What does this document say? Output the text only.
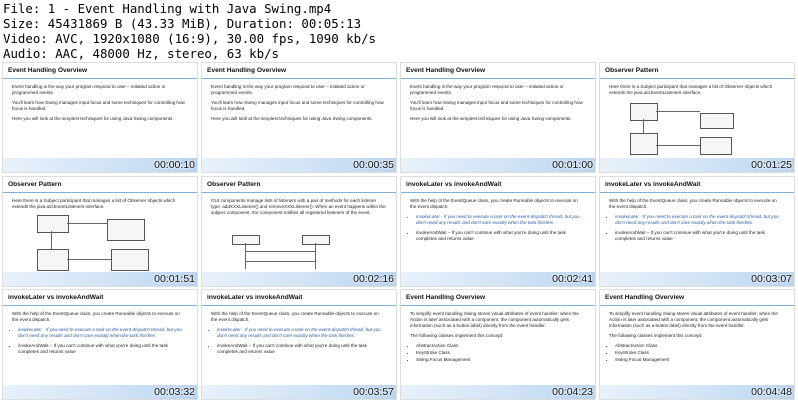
File: 1 - Event Handling with Java Swing.mp4
Size: 45431869 B (43.33 MiB), Duration: 00:05:13
Video: AVC, 1920x1080 (16:9), 30.00 fps, 1090 kb/s
Audio: AAC, 48000 Hz, stereo, 63 kb/s
Event Handling Overview

Event handling is the way your program respond to user – initiated action or programmed events.

You'll learn how Swing manages input focus and some techniques for controlling how focus is handled.

Here you will look at the simplest techniques for using Java Swing components.

00:00:10
Event Handling Overview

Event handling is the way your program respond to user – initiated action or programmed events.

You'll learn how Swing manages input focus and some techniques for controlling how focus is handled.

Here you will look at the simplest techniques for using Java Swing components.

00:00:35
Event Handling Overview

Event handling is the way your program respond to user – initiated action or programmed events.

You'll learn how Swing manages input focus and some techniques for controlling how focus is handled.

Here you will look at the simplest techniques for using Java Swing components.

00:01:00
Observer Pattern

Here there is a Subject participant that manages a list of Observer objects which extends the java.util.EventListeners interface.

00:01:25
Observer Pattern

Here there is a Subject participant that manages a list of Observer objects which extends the java.util.EventListeners interface.

00:01:51
Observer Pattern

GUI components manage lists of listeners with a pair of methods for each listener type: addXXXListener() and removeXXXListener(). When an event happens within the subject component, the component notifies all registered listeners of the event.

00:02:16
invokeLater vs invokeAndWait

With the help of the EventQueue class, you create Runnable objects to execute on the event dispatch.

• invokeLater - If you need to execute a task on the event-dispatch thread, but you don't need any results and don't care exactly when the task finishes.
• invokeAndWait – If you can't continue with what you're doing until the task completes and returns value
00:02:41
invokeLater vs invokeAndWait

With the help of the EventQueue class, you create Runnable objects to execute on the event dispatch.

• invokeLater - If you need to execute a task on the event-dispatch thread, but you don't need any results and don't care exactly when the task finishes.
• invokeAndWait – If you can't continue with what you're doing until the task completes and returns value
00:03:07
invokeLater vs invokeAndWait

With the help of the EventQueue class, you create Runnable objects to execute on the event dispatch.

• invokeLater - If you need to execute a task on the event-dispatch thread, but you don't need any results and don't care exactly when the task finishes.
• invokeAndWait – If you can't continue with what you're doing until the task completes and returns value
00:03:32
invokeLater vs invokeAndWait

With the help of the EventQueue class, you create Runnable objects to execute on the event dispatch.

• invokeLater - If you need to execute a task on the event-dispatch thread, but you don't need any results and don't care exactly when the task finishes.
• invokeAndWait – If you can't continue with what you're doing until the task completes and returns value
00:03:57
Event Handling Overview

To simplify event handling Swing stores visual attributes of event handler; when the Action is later associated with a component, the component automatically gets information (such as a button label) directly from the event handler.

The following classes implement this concept:

• AbstractAction Class
• KeyStroke Class
• Swing Focus Management
00:04:23
Event Handling Overview

To simplify event handling Swing stores visual attributes of event handler; when the Action is later associated with a component, the component automatically gets information (such as a button label) directly from the event handler.

The following classes implement this concept:

• AbstractAction Class
• KeyStroke Class
• Swing Focus Management
00:04:48
